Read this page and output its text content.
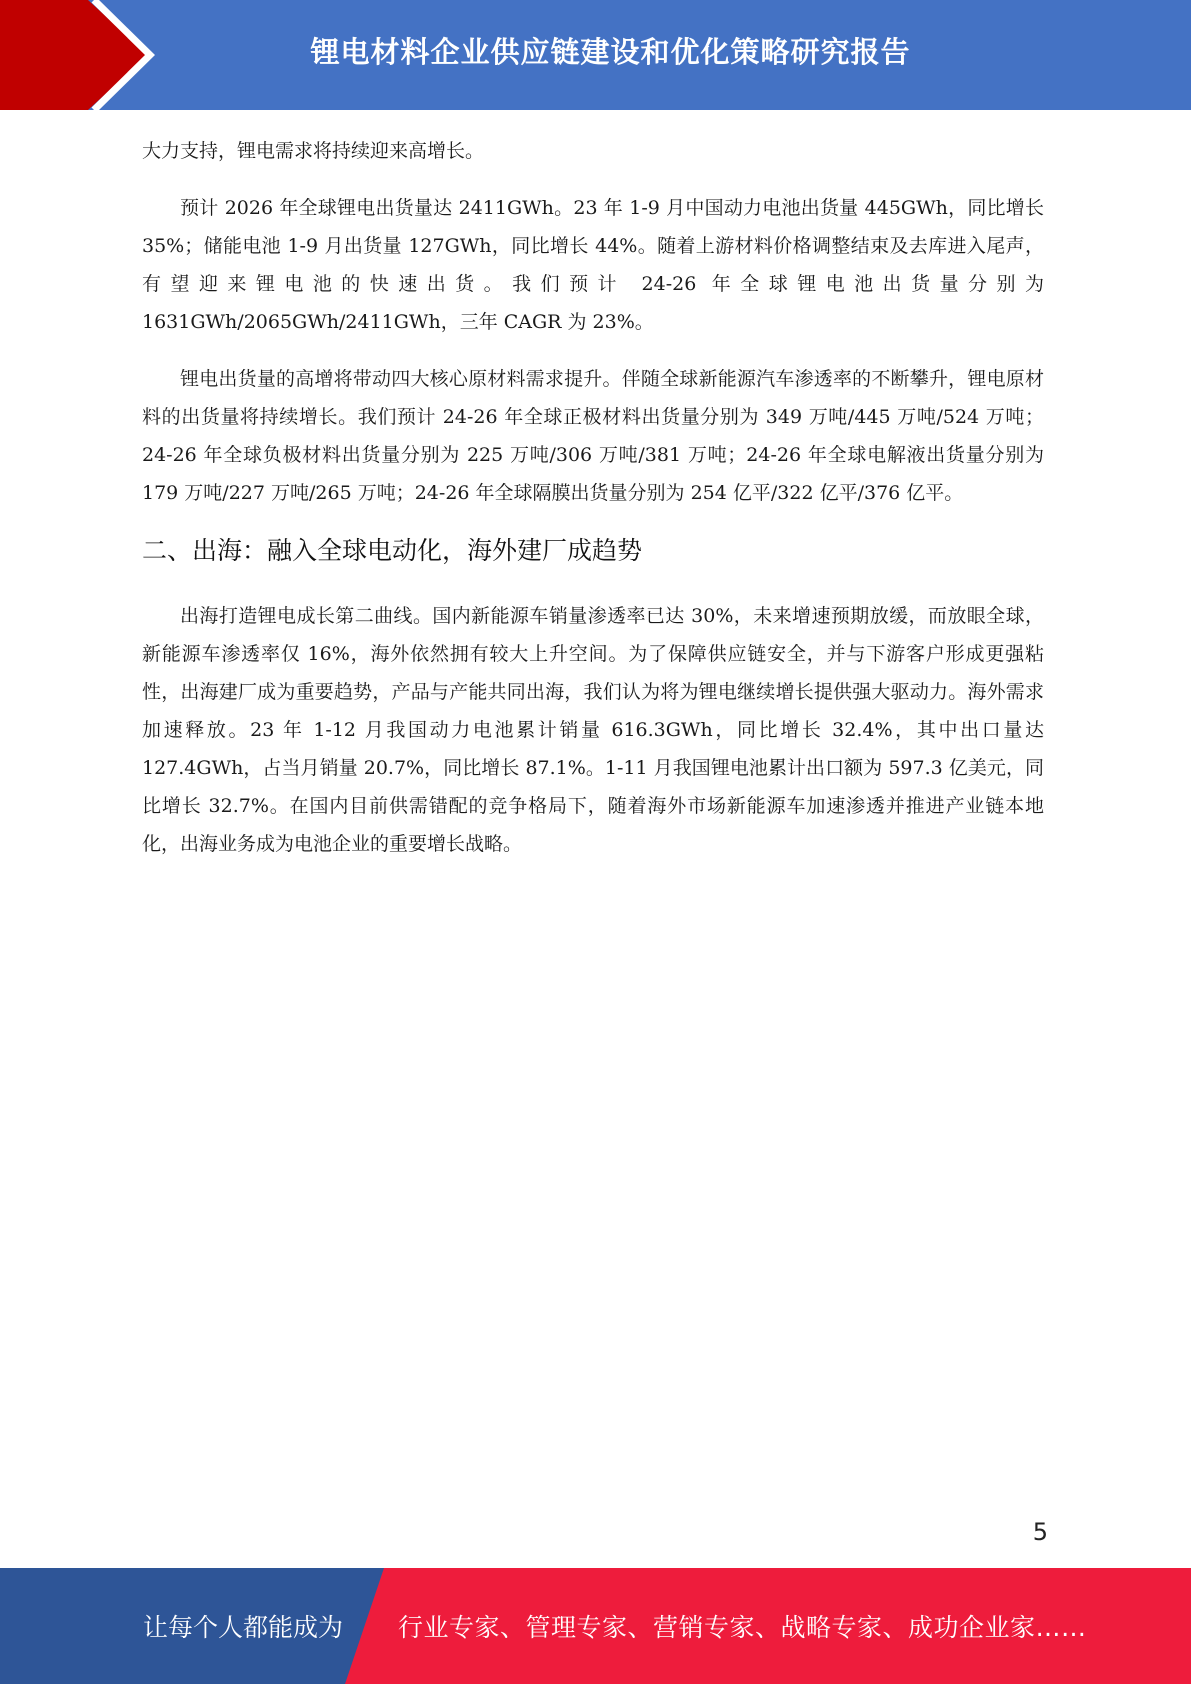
锂电材料企业供应链建设和优化策略研究报告

大力支持，锂电需求将持续迎来高增长。

预计 2026 年全球锂电出货量达 2411GWh。23 年 1-9 月中国动力电池出货量 445GWh，同比增长 35%；储能电池 1-9 月出货量 127GWh，同比增长 44%。随着上游材料价格调整结束及去库进入尾声，有望迎来锂电池的快速出货。我们预计 24-26 年全球锂电池出货量分别为 1631GWh/2065GWh/2411GWh，三年 CAGR 为 23%。

锂电出货量的高增将带动四大核心原材料需求提升。伴随全球新能源汽车渗透率的不断攀升，锂电原材料的出货量将持续增长。我们预计 24-26 年全球正极材料出货量分别为 349 万吨/445 万吨/524 万吨；24-26 年全球负极材料出货量分别为 225 万吨/306 万吨/381 万吨；24-26 年全球电解液出货量分别为 179 万吨/227 万吨/265 万吨；24-26 年全球隔膜出货量分别为 254 亿平/322 亿平/376 亿平。

二、出海：融入全球电动化，海外建厂成趋势

出海打造锂电成长第二曲线。国内新能源车销量渗透率已达 30%，未来增速预期放缓，而放眼全球，新能源车渗透率仅 16%，海外依然拥有较大上升空间。为了保障供应链安全，并与下游客户形成更强粘性，出海建厂成为重要趋势，产品与产能共同出海，我们认为将为锂电继续增长提供强大驱动力。海外需求加速释放。23 年 1-12 月我国动力电池累计销量 616.3GWh，同比增长 32.4%，其中出口量达 127.4GWh，占当月销量 20.7%，同比增长 87.1%。1-11 月我国锂电池累计出口额为 597.3 亿美元，同比增长 32.7%。在国内目前供需错配的竞争格局下，随着海外市场新能源车加速渗透并推进产业链本地化，出海业务成为电池企业的重要增长战略。

5
让每个人都能成为 行业专家、管理专家、营销专家、战略专家、成功企业家……
